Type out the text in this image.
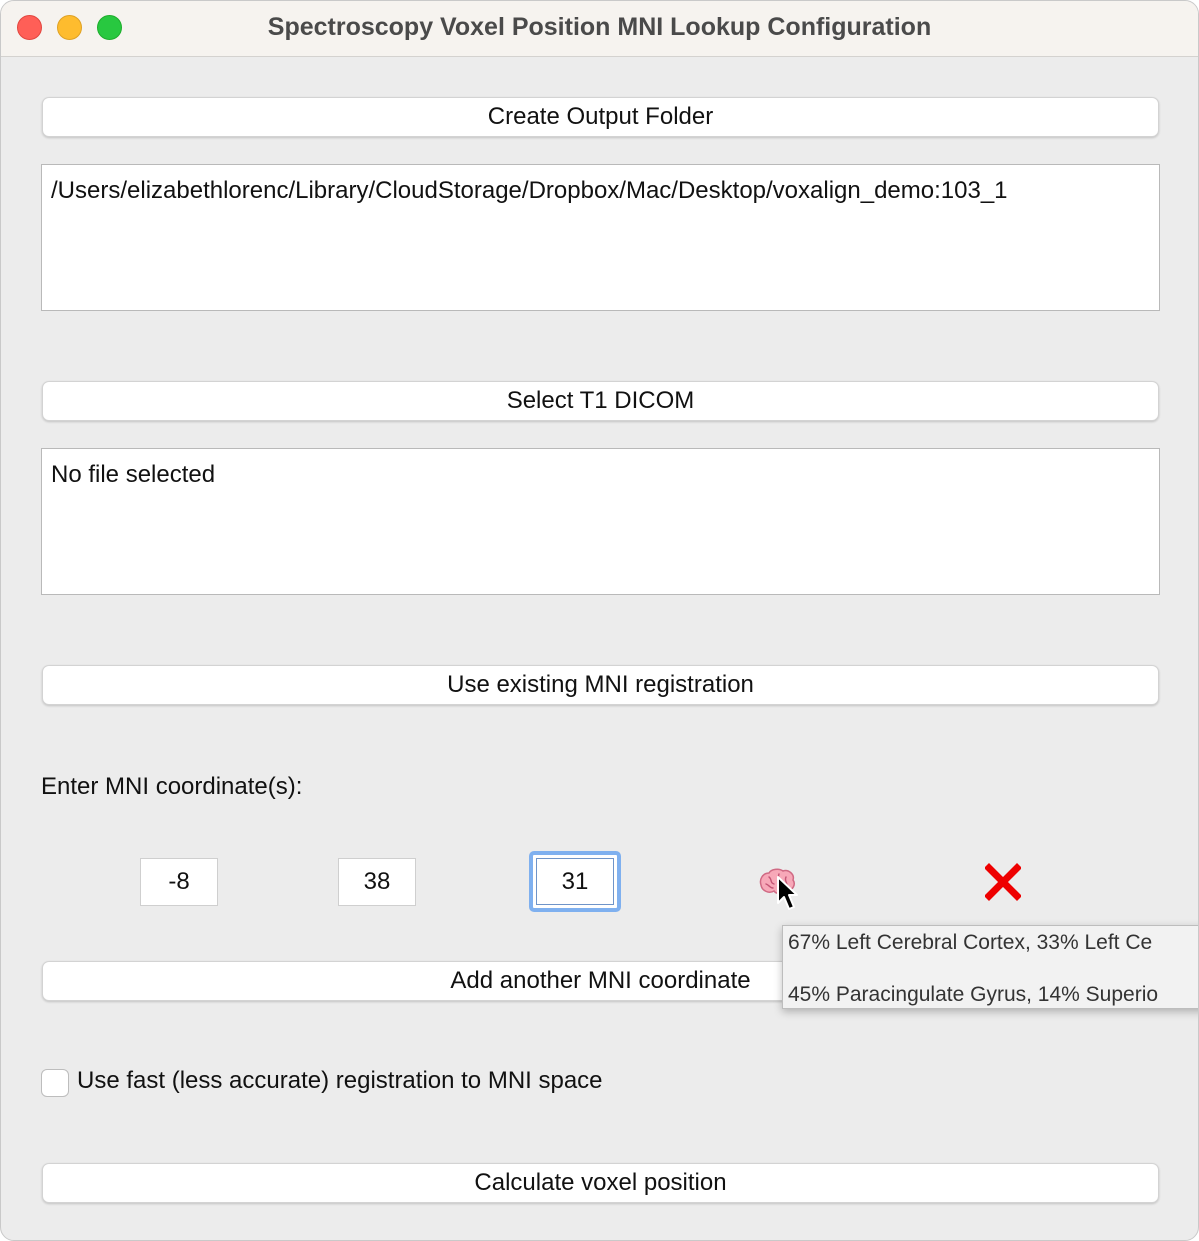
Spectroscopy Voxel Position MNI Lookup Configuration
Create Output Folder
/Users/elizabethlorenc/Library/CloudStorage/Dropbox/Mac/Desktop/voxalign_demo:103_1
Select T1 DICOM
No file selected
Use existing MNI registration
Enter MNI coordinate(s):
-8	38	31
Add another MNI coordinate
67% Left Cerebral Cortex, 33% Left Ce
45% Paracingulate Gyrus, 14% Superio
Use fast (less accurate) registration to MNI space
Calculate voxel position
